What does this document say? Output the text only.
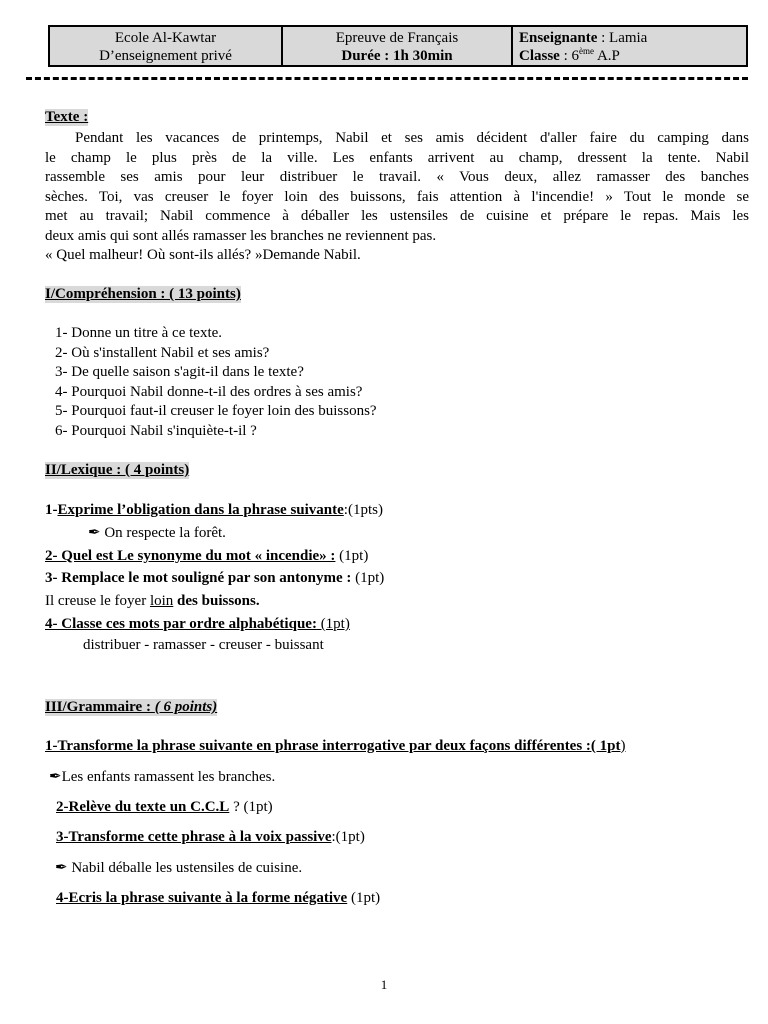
Ecole Al-Kawtar
D’enseignement privé
Epreuve de Français
Durée : 1h 30min
Enseignante : Lamia
Classe : 6ème A.P
Texte :
Pendant les vacances de printemps, Nabil et ses amis décident d'aller faire du camping dans
le champ le plus près de la ville. Les enfants arrivent au champ, dressent la tente. Nabil
rassemble ses amis pour leur distribuer le travail. « Vous deux, allez ramasser des banches
sèches. Toi, vas creuser le foyer loin des buissons, fais attention à l'incendie! » Tout le monde se
met au travail; Nabil commence à déballer les ustensiles de cuisine et prépare le repas. Mais les
deux amis qui sont allés ramasser les branches ne reviennent pas.
« Quel malheur! Où sont-ils allés? »Demande Nabil.
I/Compréhension : ( 13 points)
1- Donne un titre à ce texte.
2- Où s'installent Nabil et ses amis?
3- De quelle saison s'agit-il dans le texte?
4- Pourquoi Nabil donne-t-il des ordres à ses amis?
5- Pourquoi faut-il creuser le foyer loin des buissons?
6- Pourquoi Nabil s'inquiète-t-il ?
II/Lexique : ( 4 points)
1-Exprime l’obligation dans la phrase suivante:(1pts)
✒ On respecte la forêt.
2- Quel est Le synonyme du mot « incendie» : (1pt)
3- Remplace le mot souligné par son antonyme : (1pt)
Il creuse le foyer loin des buissons.
4- Classe ces mots par ordre alphabétique: (1pt)
distribuer - ramasser - creuser - buissant
III/Grammaire : ( 6 points)
1-Transforme la phrase suivante en phrase interrogative par deux façons différentes :( 1pt)
✒Les enfants ramassent les branches.
2-Relève du texte un C.C.L ? (1pt)
3-Transforme cette phrase à la voix passive:(1pt)
✒ Nabil déballe les ustensiles de cuisine.
4-Ecris la phrase suivante à la forme négative (1pt)
1
